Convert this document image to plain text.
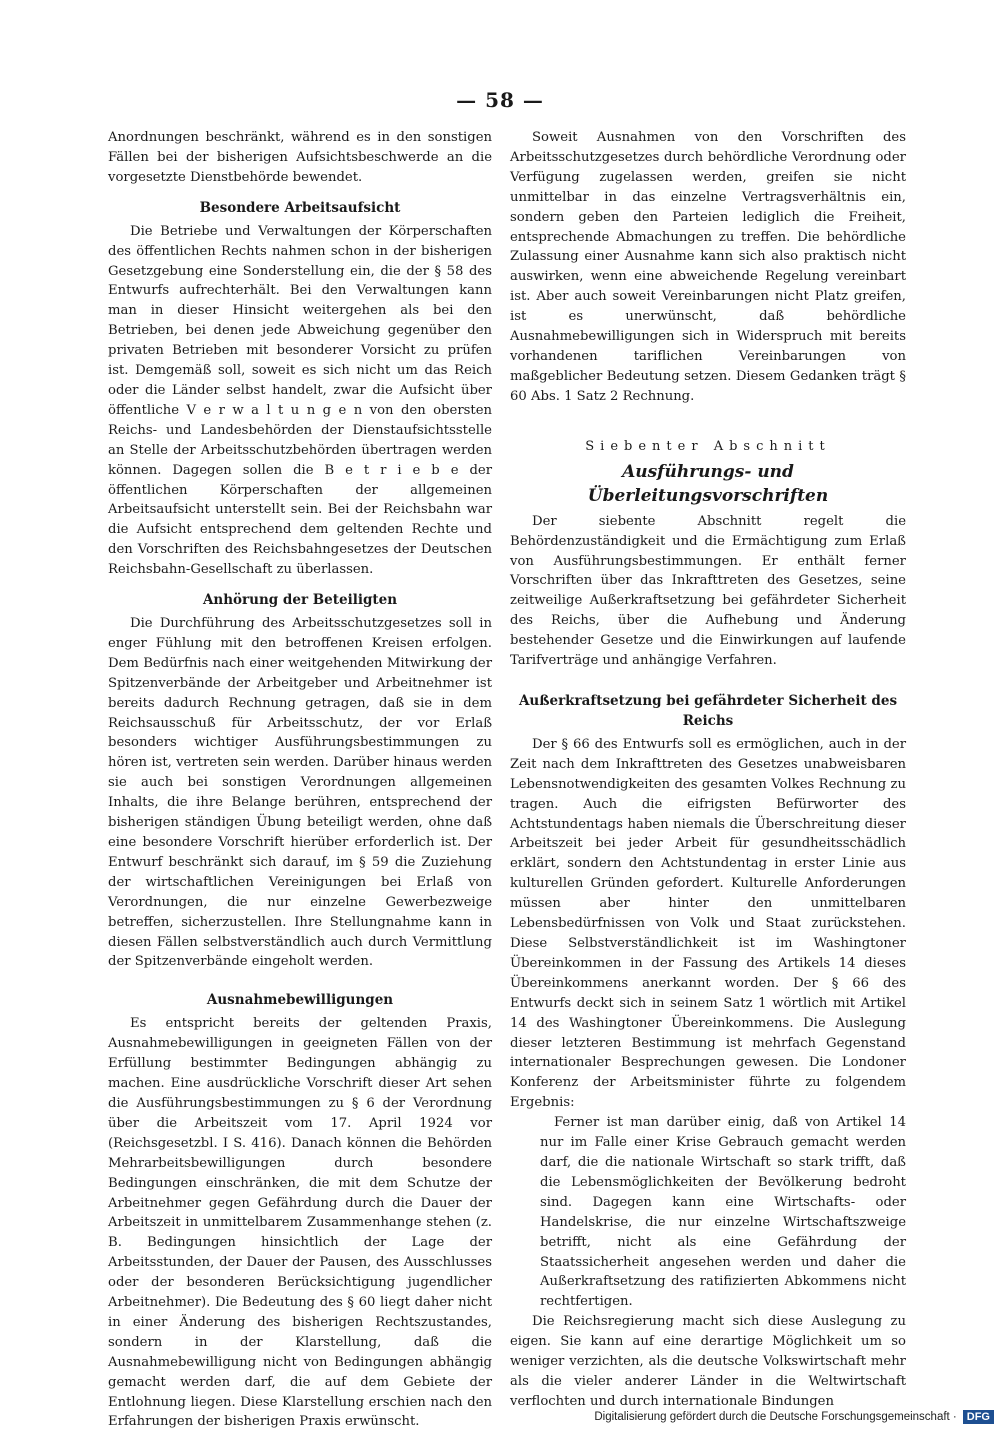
— 58 —

Anordnungen beschränkt, während es in den sonstigen Fällen bei der bisherigen Aufsichtsbeschwerde an die vorgesetzte Dienstbehörde bewendet.

Besondere Arbeitsaufsicht

Die Betriebe und Verwaltungen der Körperschaften des öffentlichen Rechts nahmen schon in der bisherigen Gesetzgebung eine Sonderstellung ein, die der § 58 des Entwurfs aufrechterhält. Bei den Verwaltungen kann man in dieser Hinsicht weitergehen als bei den Betrieben, bei denen jede Abweichung gegenüber den privaten Betrieben mit besonderer Vorsicht zu prüfen ist. Demgemäß soll, soweit es sich nicht um das Reich oder die Länder selbst handelt, zwar die Aufsicht über öffentliche V e r w a l t u n g e n von den obersten Reichs- und Landesbehörden der Dienstaufsichtsstelle an Stelle der Arbeitsschutzbehörden übertragen werden können. Dagegen sollen die B e t r i e b e der öffentlichen Körperschaften der allgemeinen Arbeitsaufsicht unterstellt sein. Bei der Reichsbahn war die Aufsicht entsprechend dem geltenden Rechte und den Vorschriften des Reichsbahngesetzes der Deutschen Reichsbahn-Gesellschaft zu überlassen.

Anhörung der Beteiligten

Die Durchführung des Arbeitsschutzgesetzes soll in enger Fühlung mit den betroffenen Kreisen erfolgen. Dem Bedürfnis nach einer weitgehenden Mitwirkung der Spitzenverbände der Arbeitgeber und Arbeitnehmer ist bereits dadurch Rechnung getragen, daß sie in dem Reichsausschuß für Arbeitsschutz, der vor Erlaß besonders wichtiger Ausführungsbestimmungen zu hören ist, vertreten sein werden. Darüber hinaus werden sie auch bei sonstigen Verordnungen allgemeinen Inhalts, die ihre Belange berühren, entsprechend der bisherigen ständigen Übung beteiligt werden, ohne daß eine besondere Vorschrift hierüber erforderlich ist. Der Entwurf beschränkt sich darauf, im § 59 die Zuziehung der wirtschaftlichen Vereinigungen bei Erlaß von Verordnungen, die nur einzelne Gewerbezweige betreffen, sicherzustellen. Ihre Stellungnahme kann in diesen Fällen selbstverständlich auch durch Vermittlung der Spitzenverbände eingeholt werden.

Ausnahmebewilligungen

Es entspricht bereits der geltenden Praxis, Ausnahmebewilligungen in geeigneten Fällen von der Erfüllung bestimmter Bedingungen abhängig zu machen. Eine ausdrückliche Vorschrift dieser Art sehen die Ausführungsbestimmungen zu § 6 der Verordnung über die Arbeitszeit vom 17. April 1924 vor (Reichsgesetzbl. I S. 416). Danach können die Behörden Mehrarbeitsbewilligungen durch besondere Bedingungen einschränken, die mit dem Schutze der Arbeitnehmer gegen Gefährdung durch die Dauer der Arbeitszeit in unmittelbarem Zusammenhange stehen (z. B. Bedingungen hinsichtlich der Lage der Arbeitsstunden, der Dauer der Pausen, des Ausschlusses oder der besonderen Berücksichtigung jugendlicher Arbeitnehmer). Die Bedeutung des § 60 liegt daher nicht in einer Änderung des bisherigen Rechtszustandes, sondern in der Klarstellung, daß die Ausnahmebewilligung nicht von Bedingungen abhängig gemacht werden darf, die auf dem Gebiete der Entlohnung liegen. Diese Klarstellung erschien nach den Erfahrungen der bisherigen Praxis erwünscht.

Soweit Ausnahmen von den Vorschriften des Arbeitsschutzgesetzes durch behördliche Verordnung oder Verfügung zugelassen werden, greifen sie nicht unmittelbar in das einzelne Vertragsverhältnis ein, sondern geben den Parteien lediglich die Freiheit, entsprechende Abmachungen zu treffen. Die behördliche Zulassung einer Ausnahme kann sich also praktisch nicht auswirken, wenn eine abweichende Regelung vereinbart ist. Aber auch soweit Vereinbarungen nicht Platz greifen, ist es unerwünscht, daß behördliche Ausnahmebewilligungen sich in Widerspruch mit bereits vorhandenen tariflichen Vereinbarungen von maßgeblicher Bedeutung setzen. Diesem Gedanken trägt § 60 Abs. 1 Satz 2 Rechnung.

Siebenter Abschnitt
Ausführungs- und Überleitungsvorschriften

Der siebente Abschnitt regelt die Behördenzuständigkeit und die Ermächtigung zum Erlaß von Ausführungsbestimmungen. Er enthält ferner Vorschriften über das Inkrafttreten des Gesetzes, seine zeitweilige Außerkraftsetzung bei gefährdeter Sicherheit des Reichs, über die Aufhebung und Änderung bestehender Gesetze und die Einwirkungen auf laufende Tarifverträge und anhängige Verfahren.

Außerkraftsetzung bei gefährdeter Sicherheit des Reichs

Der § 66 des Entwurfs soll es ermöglichen, auch in der Zeit nach dem Inkrafttreten des Gesetzes unabweisbaren Lebensnotwendigkeiten des gesamten Volkes Rechnung zu tragen. Auch die eifrigsten Befürworter des Achtstundentags haben niemals die Überschreitung dieser Arbeitszeit bei jeder Arbeit für gesundheitsschädlich erklärt, sondern den Achtstundentag in erster Linie aus kulturellen Gründen gefordert. Kulturelle Anforderungen müssen aber hinter den unmittelbaren Lebensbedürfnissen von Volk und Staat zurückstehen. Diese Selbstverständlichkeit ist im Washingtoner Übereinkommen in der Fassung des Artikels 14 dieses Übereinkommens anerkannt worden. Der § 66 des Entwurfs deckt sich in seinem Satz 1 wörtlich mit Artikel 14 des Washingtoner Übereinkommens. Die Auslegung dieser letzteren Bestimmung ist mehrfach Gegenstand internationaler Besprechungen gewesen. Die Londoner Konferenz der Arbeitsminister führte zu folgendem Ergebnis:

Ferner ist man darüber einig, daß von Artikel 14 nur im Falle einer Krise Gebrauch gemacht werden darf, die die nationale Wirtschaft so stark trifft, daß die Lebensmöglichkeiten der Bevölkerung bedroht sind. Dagegen kann eine Wirtschafts- oder Handelskrise, die nur einzelne Wirtschaftszweige betrifft, nicht als eine Gefährdung der Staatssicherheit angesehen werden und daher die Außerkraftsetzung des ratifizierten Abkommens nicht rechtfertigen.

Die Reichsregierung macht sich diese Auslegung zu eigen. Sie kann auf eine derartige Möglichkeit um so weniger verzichten, als die deutsche Volkswirtschaft mehr als die vieler anderer Länder in die Weltwirtschaft verflochten und durch internationale Bindungen

Digitalisierung gefördert durch die Deutsche Forschungsgemeinschaft · DFG
